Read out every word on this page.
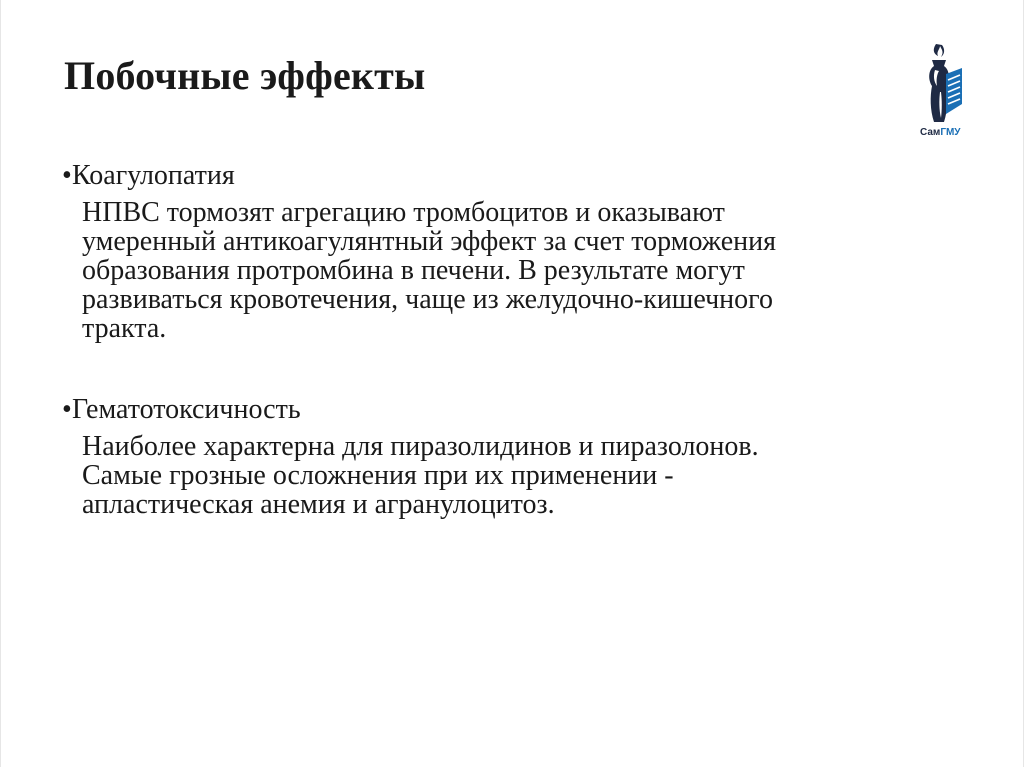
Побочные эффекты
СамГМУ
•Коагулопатия
НПВС тормозят агрегацию тромбоцитов и оказывают
умеренный антикоагулянтный эффект за счет торможения
образования протромбина в печени. В результате могут
развиваться кровотечения, чаще из желудочно-кишечного
тракта.
•Гематотоксичность
Наиболее характерна для пиразолидинов и пиразолонов.
Самые грозные осложнения при их применении -
апластическая анемия и агранулоцитоз.
